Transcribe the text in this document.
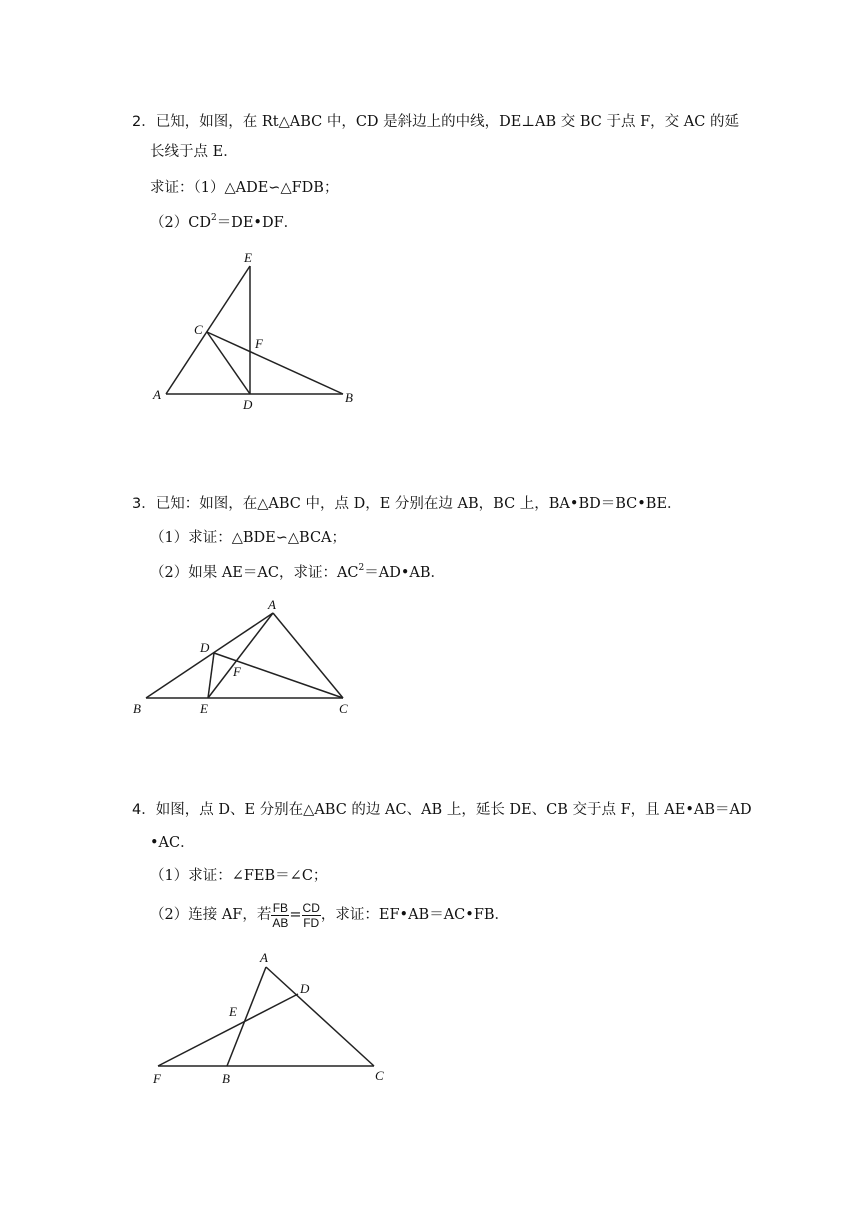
2．已知，如图，在 Rt△ABC 中，CD 是斜边上的中线，DE⊥AB 交 BC 于点 F，交 AC 的延
长线于点 E．
求证：（1）△ADE∽△FDB；
$(2)CD^2=DE•DF$．
E
C
F
A
D	B
3．已知：如图，在△ABC 中，点 D，E 分别在边 AB，BC 上，BA•BD＝BC•BE．
（1）求证：△BDE∽△BCA；
（2）如果 AE＝AC，求证：$AC^2=AD•AB$．
A
D
F
B	E	C
4．如图，点 D、E 分别在△ABC 的边 AC、AB 上，延长 DE、CB 交于点 F，且 AE•AB＝AD
•AC．
（1）求证：∠FEB＝∠C；
（2）连接 AF，若 $\frac{FB}{AB} = \frac{CD}{FD}$ ，求证：EF•AB＝AC•FB．
A
D
E
F	B	C
